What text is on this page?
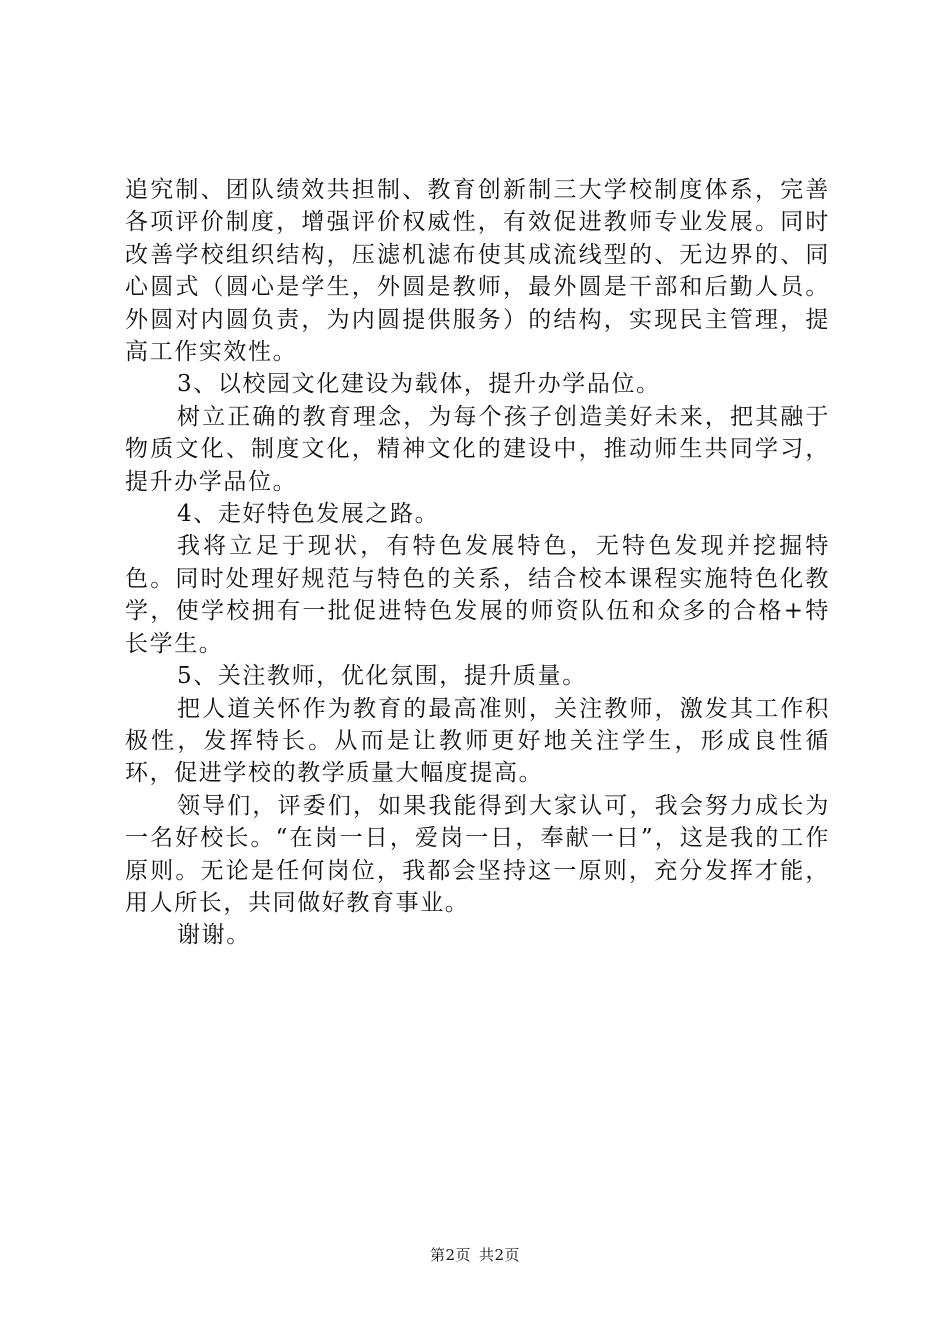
追究制、团队绩效共担制、教育创新制三大学校制度体系，完善各项评价制度，增强评价权威性，有效促进教师专业发展。同时改善学校组织结构，压滤机滤布使其成流线型的、无边界的、同心圆式（圆心是学生，外圆是教师，最外圆是干部和后勤人员。外圆对内圆负责，为内圆提供服务）的结构，实现民主管理，提高工作实效性。

3、以校园文化建设为载体，提升办学品位。

树立正确的教育理念，为每个孩子创造美好未来，把其融于物质文化、制度文化，精神文化的建设中，推动师生共同学习，提升办学品位。

4、走好特色发展之路。

我将立足于现状，有特色发展特色，无特色发现并挖掘特色。同时处理好规范与特色的关系，结合校本课程实施特色化教学，使学校拥有一批促进特色发展的师资队伍和众多的合格+特长学生。

5、关注教师，优化氛围，提升质量。

把人道关怀作为教育的最高准则，关注教师，激发其工作积极性，发挥特长。从而是让教师更好地关注学生，形成良性循环，促进学校的教学质量大幅度提高。

领导们，评委们，如果我能得到大家认可，我会努力成长为一名好校长。“在岗一日，爱岗一日，奉献一日”，这是我的工作原则。无论是任何岗位，我都会坚持这一原则，充分发挥才能，用人所长，共同做好教育事业。

谢谢。

第2页 共2页
